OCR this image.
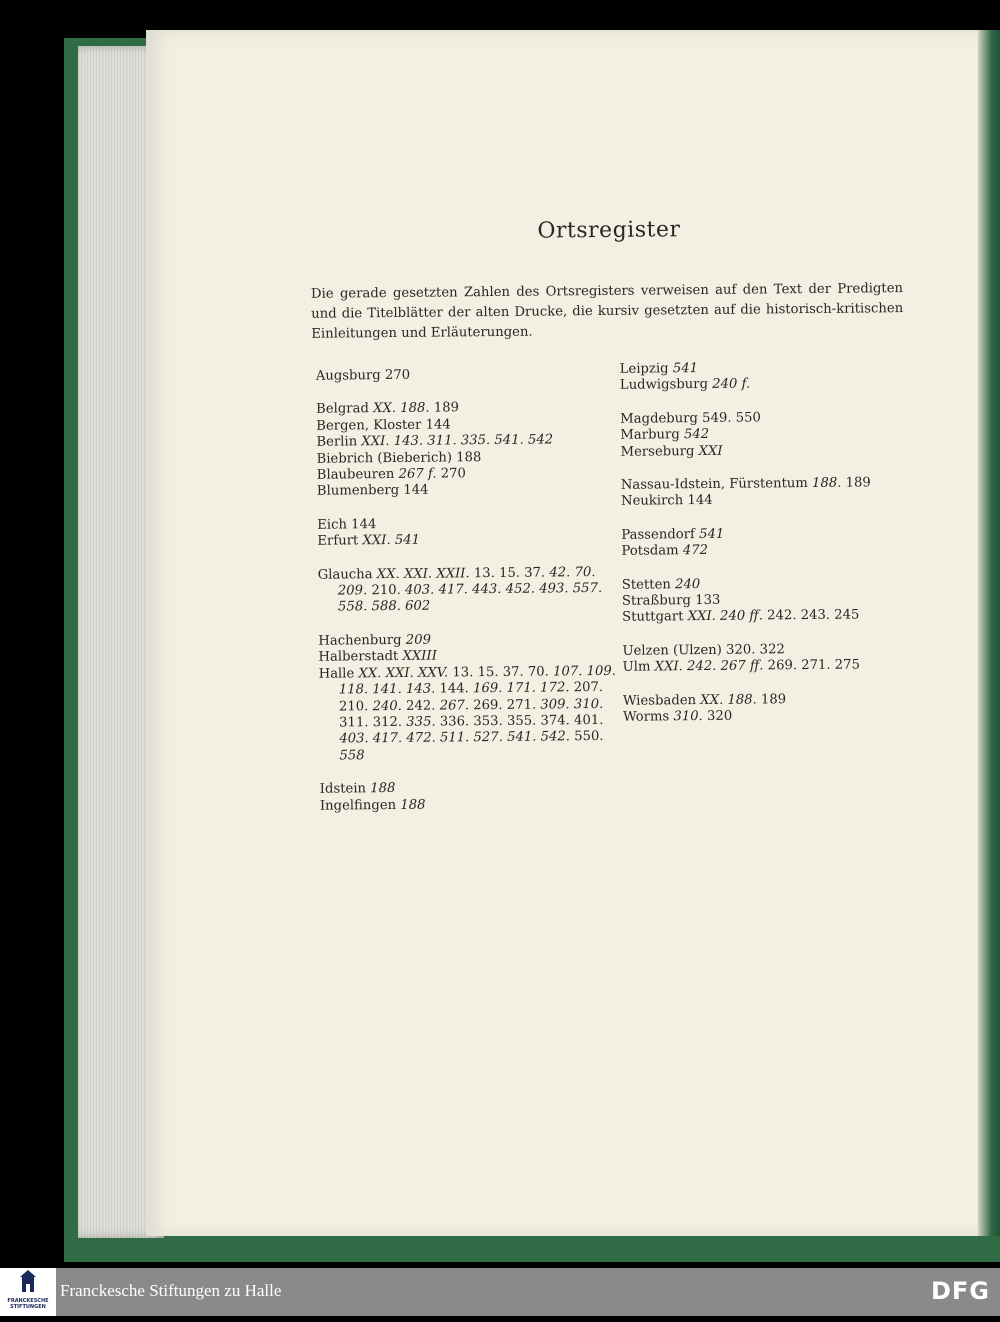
Ortsregister
Die gerade gesetzten Zahlen des Ortsregisters verweisen auf den Text der Predigten und die Titelblätter der alten Drucke, die kursiv gesetzten auf die historisch-kritischen Einleitungen und Erläuterungen.
Augsburg 270
Belgrad XX. 188. 189
Bergen, Kloster 144
Berlin XXI. 143. 311. 335. 541. 542
Biebrich (Bieberich) 188
Blaubeuren 267 f. 270
Blumenberg 144
Eich 144
Erfurt XXI. 541
Glaucha XX. XXI. XXII. 13. 15. 37. 42. 70. 209. 210. 403. 417. 443. 452. 493. 557. 558. 588. 602
Hachenburg 209
Halberstadt XXIII
Halle XX. XXI. XXV. 13. 15. 37. 70. 107. 109. 118. 141. 143. 144. 169. 171. 172. 207. 210. 240. 242. 267. 269. 271. 309. 310. 311. 312. 335. 336. 353. 355. 374. 401. 403. 417. 472. 511. 527. 541. 542. 550. 558
Idstein 188
Ingelfingen 188
Leipzig 541
Ludwigsburg 240 f.
Magdeburg 549. 550
Marburg 542
Merseburg XXI
Nassau-Idstein, Fürstentum 188. 189
Neukirch 144
Passendorf 541
Potsdam 472
Stetten 240
Straßburg 133
Stuttgart XXI. 240 ff. 242. 243. 245
Uelzen (Ulzen) 320. 322
Ulm XXI. 242. 267 ff. 269. 271. 275
Wiesbaden XX. 188. 189
Worms 310. 320
FRANCKESCHE STIFTUNGEN
Franckesche Stiftungen zu Halle	DFG
